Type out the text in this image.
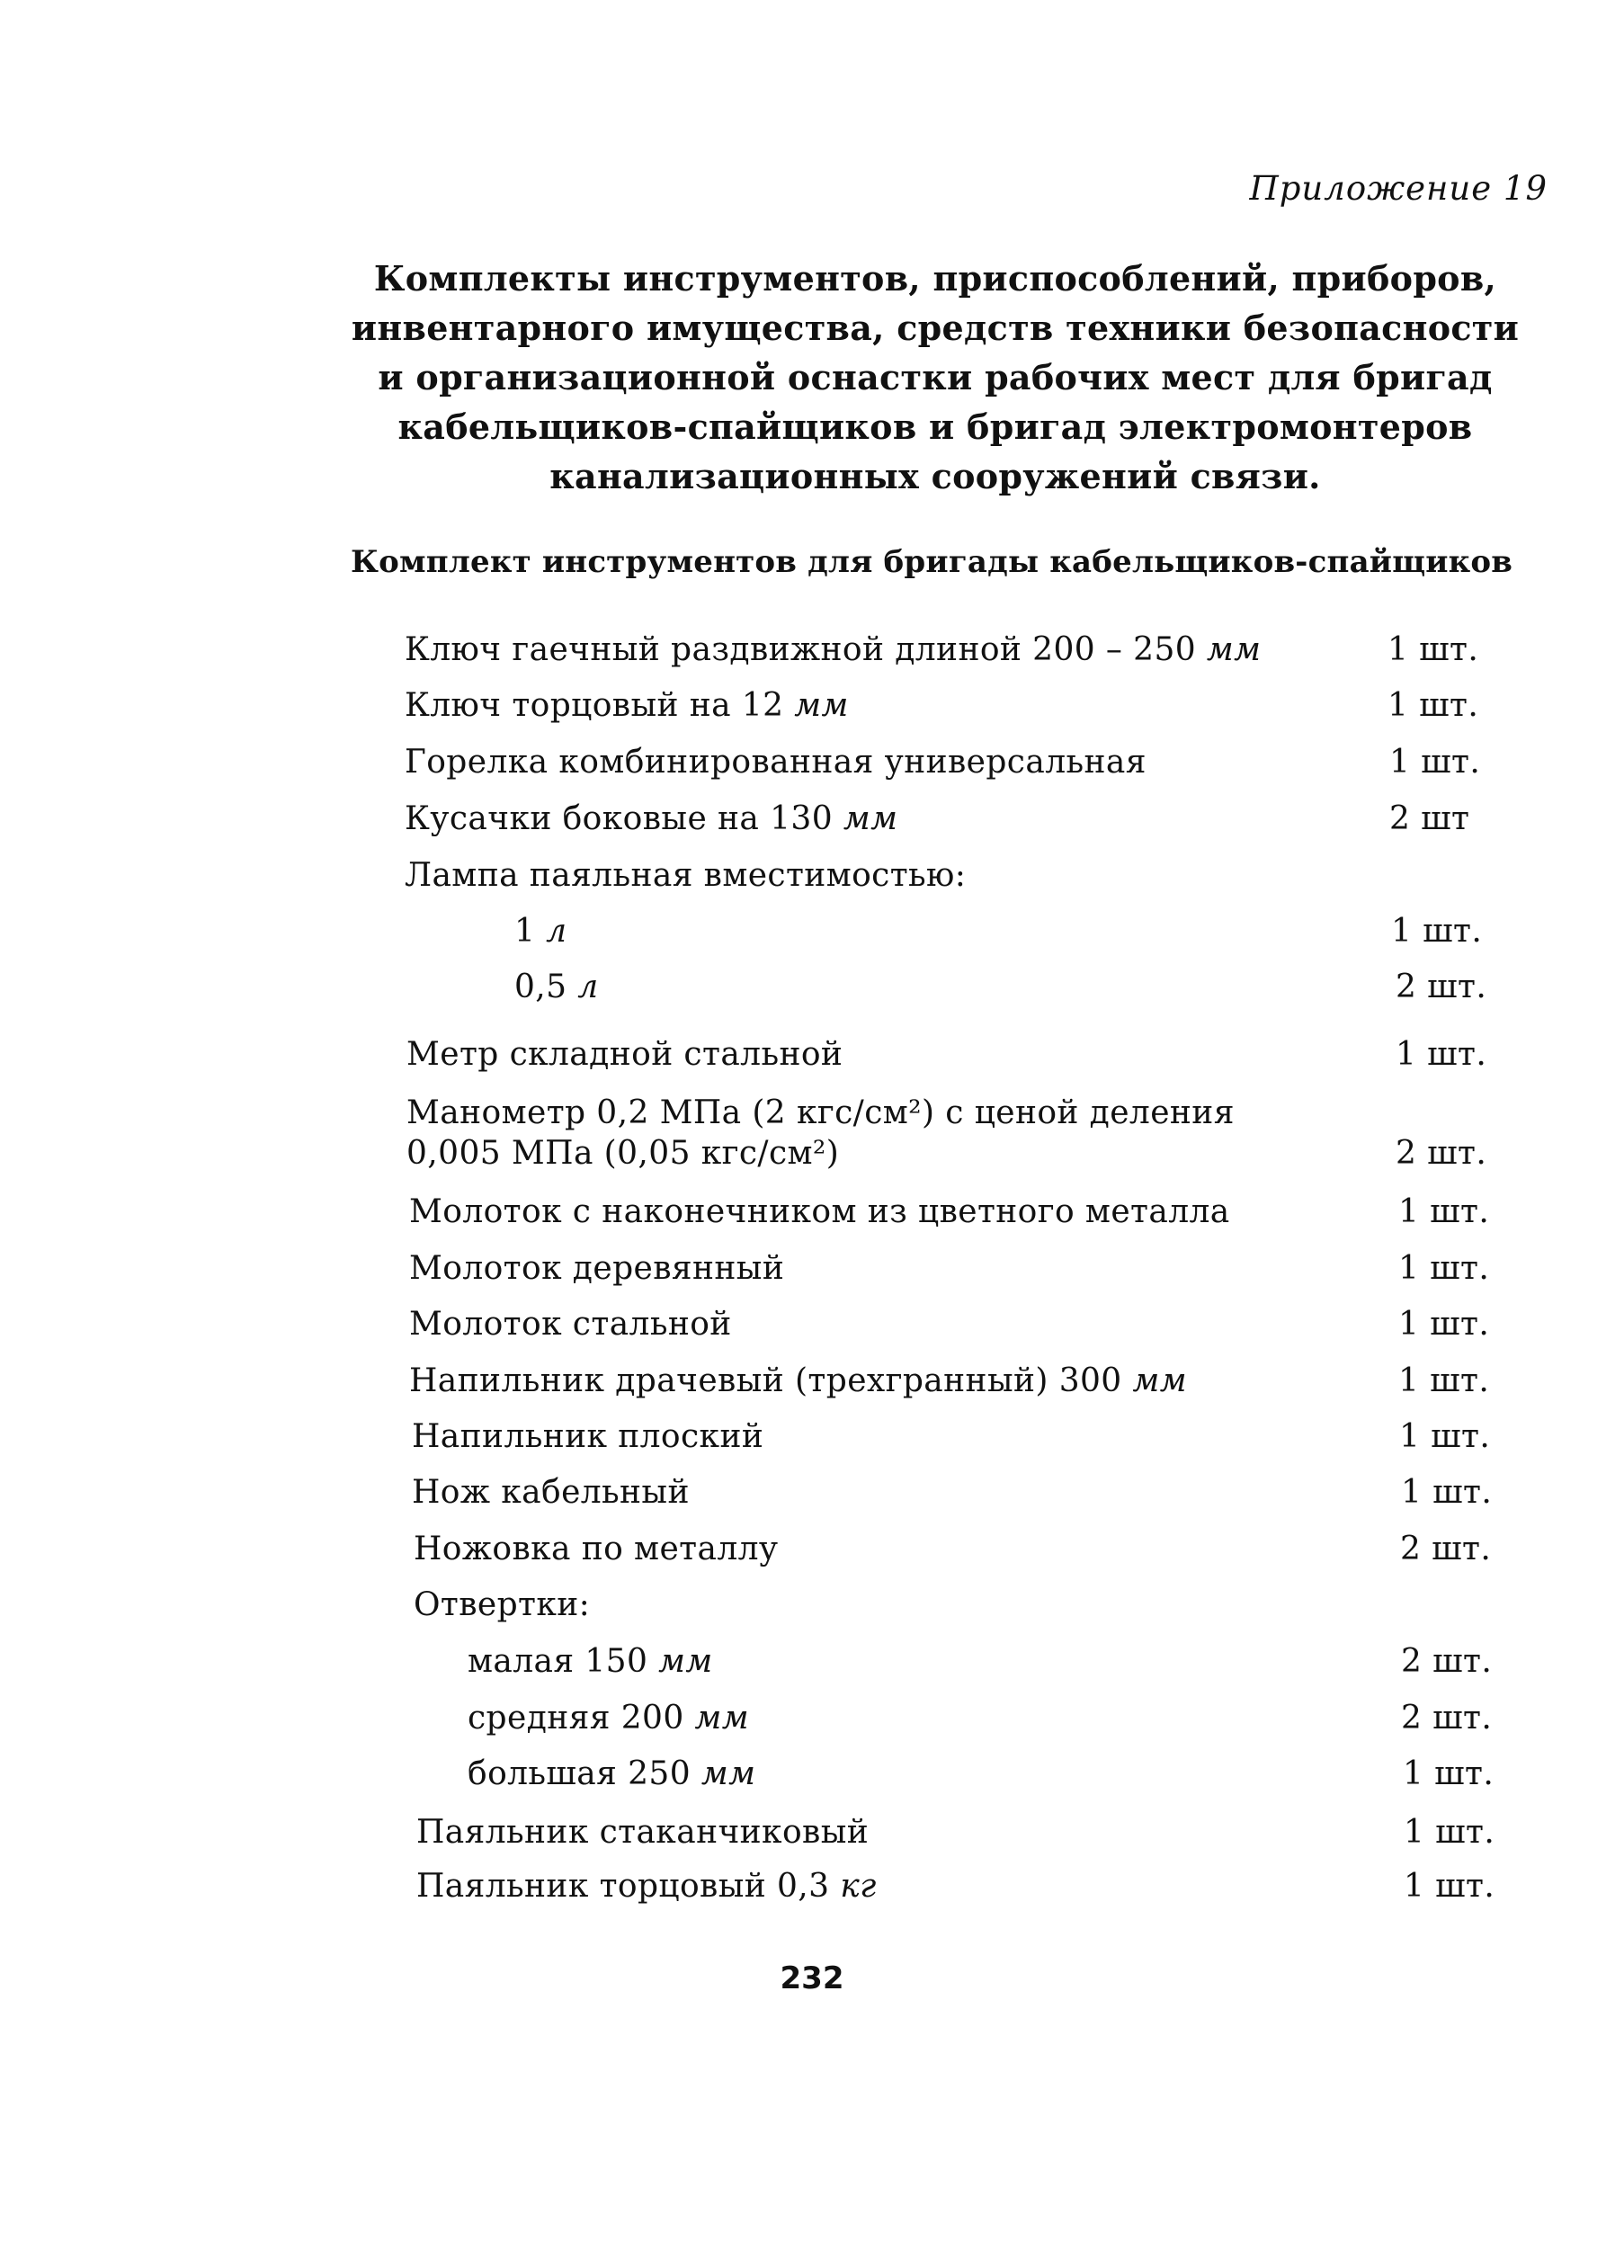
Приложение 19
Комплекты инструментов, приспособлений, приборов,
инвентарного имущества, средств техники безопасности
и организационной оснастки рабочих мест для бригад
кабельщиков-спайщиков и бригад электромонтеров
канализационных сооружений связи.
Комплект инструментов для бригады кабельщиков-спайщиков
Ключ гаечный раздвижной длиной 200 – 250 мм	1 шт.
Ключ торцовый на 12 мм	1 шт.
Горелка комбинированная универсальная	1 шт.
Кусачки боковые на 130 мм	2 шт
Лампа паяльная вместимостью:
1 л	1 шт.
0,5 л	2 шт.
Метр складной стальной	1 шт.
Манометр 0,2 МПа (2 кгс/см²) с ценой деления
0,005 МПа (0,05 кгс/см²)	2 шт.
Молоток с наконечником из цветного металла	1 шт.
Молоток деревянный	1 шт.
Молоток стальной	1 шт.
Напильник драчевый (трехгранный) 300 мм	1 шт.
Напильник плоский	1 шт.
Нож кабельный	1 шт.
Ножовка по металлу	2 шт.
Отвертки:
малая 150 мм	2 шт.
средняя 200 мм	2 шт.
большая 250 мм	1 шт.
Паяльник стаканчиковый	1 шт.
Паяльник торцовый 0,3 кг	1 шт.
232
